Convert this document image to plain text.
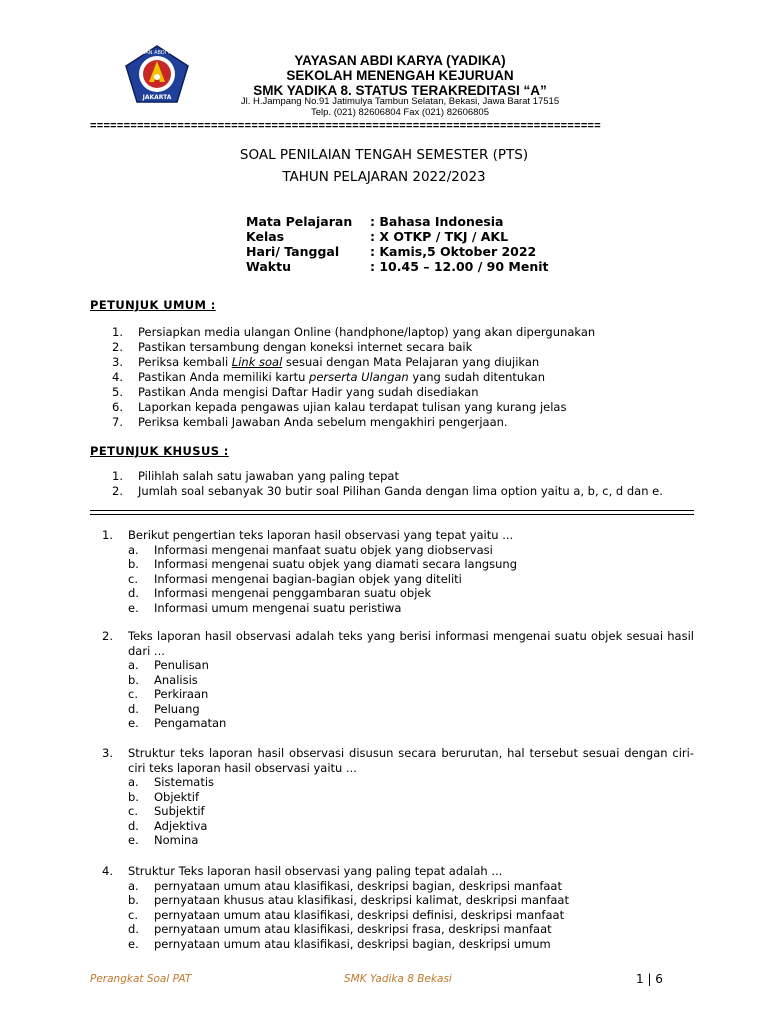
YAYASAN ABDI KARYA
JAKARTA
YAYASAN ABDI KARYA (YADIKA)
SEKOLAH MENENGAH KEJURUAN
SMK YADIKA 8. STATUS TERAKREDITASI “A”
Jl. H.Jampang No.91 Jatimulya Tambun Selatan, Bekasi, Jawa Barat 17515
Telp. (021) 82606804 Fax (021) 82606805
============================================================================
SOAL PENILAIAN TENGAH SEMESTER (PTS)
TAHUN PELAJARAN 2022/2023
Mata Pelajaran	: Bahasa Indonesia
Kelas	: X OTKP / TKJ / AKL
Hari/ Tanggal	: Kamis,5 Oktober 2022
Waktu	: 10.45 – 12.00 / 90 Menit
PETUNJUK UMUM :
1.	Persiapkan media ulangan Online (handphone/laptop) yang akan dipergunakan
2.	Pastikan tersambung dengan koneksi internet secara baik
3.	Periksa kembali Link soal sesuai dengan Mata Pelajaran yang diujikan
4.	Pastikan Anda memiliki kartu perserta Ulangan yang sudah ditentukan
5.	Pastikan Anda mengisi Daftar Hadir yang sudah disediakan
6.	Laporkan kepada pengawas ujian kalau terdapat tulisan yang kurang jelas
7.	Periksa kembali Jawaban Anda sebelum mengakhiri pengerjaan.
PETUNJUK KHUSUS :
1.	Pilihlah salah satu jawaban yang paling tepat
2.	Jumlah soal sebanyak 30 butir soal Pilihan Ganda dengan lima option yaitu a, b, c, d dan e.
1.	Berikut pengertian teks laporan hasil observasi yang tepat yaitu ...
a.	Informasi mengenai manfaat suatu objek yang diobservasi
b.	Informasi mengenai suatu objek yang diamati secara langsung
c.	Informasi mengenai bagian-bagian objek yang diteliti
d.	Informasi mengenai penggambaran suatu objek
e.	Informasi umum mengenai suatu peristiwa
2.	Teks laporan hasil observasi adalah teks yang berisi informasi mengenai suatu objek sesuai hasil dari ...
a.	Penulisan
b.	Analisis
c.	Perkiraan
d.	Peluang
e.	Pengamatan
3.	Struktur teks laporan hasil observasi disusun secara berurutan, hal tersebut sesuai dengan ciri-ciri teks laporan hasil observasi yaitu ...
a.	Sistematis
b.	Objektif
c.	Subjektif
d.	Adjektiva
e.	Nomina
4.	Struktur Teks laporan hasil observasi yang paling tepat adalah ...
a.	pernyataan umum atau klasifikasi, deskripsi bagian, deskripsi manfaat
b.	pernyataan khusus atau klasifikasi, deskripsi kalimat, deskripsi manfaat
c.	pernyataan umum atau klasifikasi, deskripsi definisi, deskripsi manfaat
d.	pernyataan umum atau klasifikasi, deskripsi frasa, deskripsi manfaat
e.	pernyataan umum atau klasifikasi, deskripsi bagian, deskripsi umum
Perangkat Soal PAT	SMK Yadika 8 Bekasi	1 | 6
